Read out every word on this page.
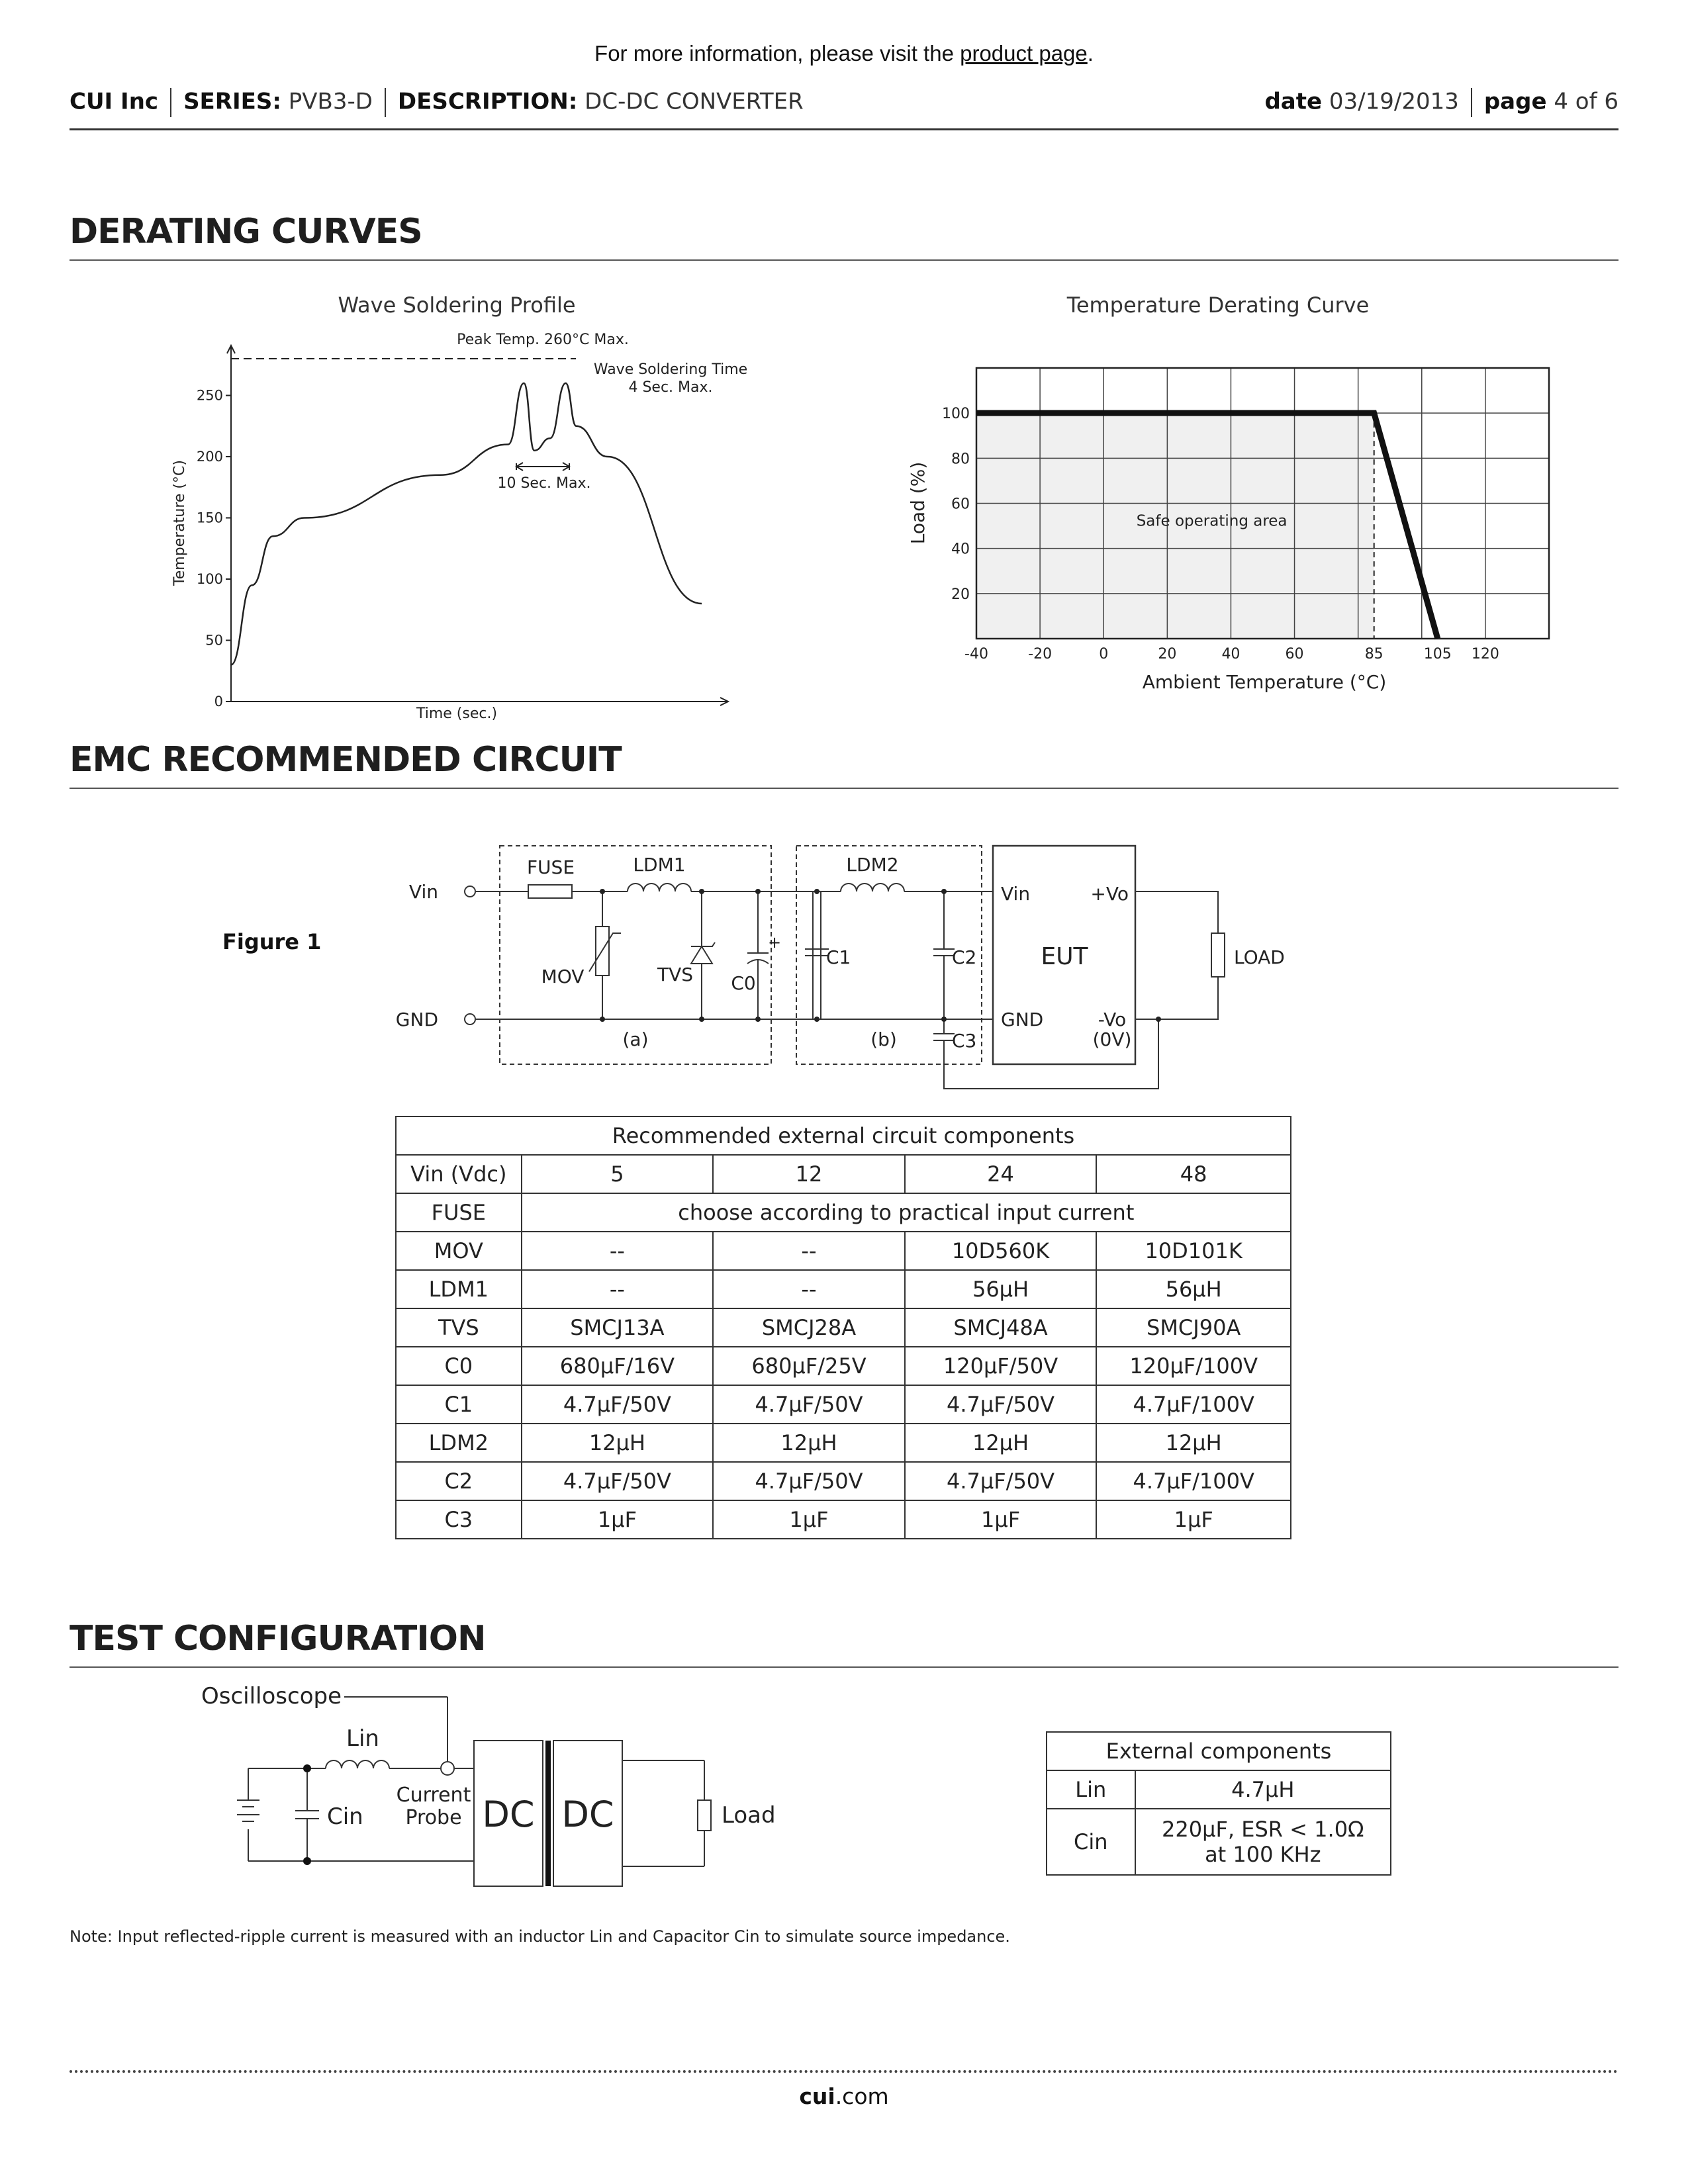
For more information, please visit the product page.
CUI Inc SERIES: PVB3-D DESCRIPTION: DC-DC CONVERTER	date 03/19/2013 page 4 of 6
DERATING CURVES
Wave Soldering Profile
0
50
100
150
200
250
Peak Temp. 260°C Max.
Wave Soldering Time
4 Sec. Max.
10 Sec. Max.
Time (sec.)
Temperature (°C)
Temperature Derating Curve
-40	-20	0	20	40	60	85	105 120
20
40
60
80
100
Safe operating area
Ambient Temperature (°C)
Load (%)
EMC RECOMMENDED CIRCUIT
Figure 1
Vin
GND
FUSE	LDM1	LDM2
MOV	TVS C0
+
C1	C2
C3
(a)	(b)
EUT
Vin	+Vo
GND	-Vo
(0V)
LOAD
Recommended external circuit components				
Vin (Vdc)	5	12	24	48
FUSE	choose according to practical input current			
MOV	--	--	10D560K	10D101K
LDM1	--	--	56µH	56µH
TVS	SMCJ13A	SMCJ28A	SMCJ48A	SMCJ90A
C0	680µF/16V	680µF/25V	120µF/50V	120µF/100V
C1	4.7µF/50V	4.7µF/50V	4.7µF/50V	4.7µF/100V
LDM2	12µH	12µH	12µH	12µH
C2	4.7µF/50V	4.7µF/50V	4.7µF/50V	4.7µF/100V
C3	1µF	1µF	1µF	1µF
TEST CONFIGURATION
Oscilloscope
Lin
Cin
Current
Probe DC DC	Load
External components	
Lin	4.7µH
Cin	220µF, ESR < 1.0Ω
at 100 KHz
Note: Input reflected-ripple current is measured with an inductor Lin and Capacitor Cin to simulate source impedance.
cui.com
